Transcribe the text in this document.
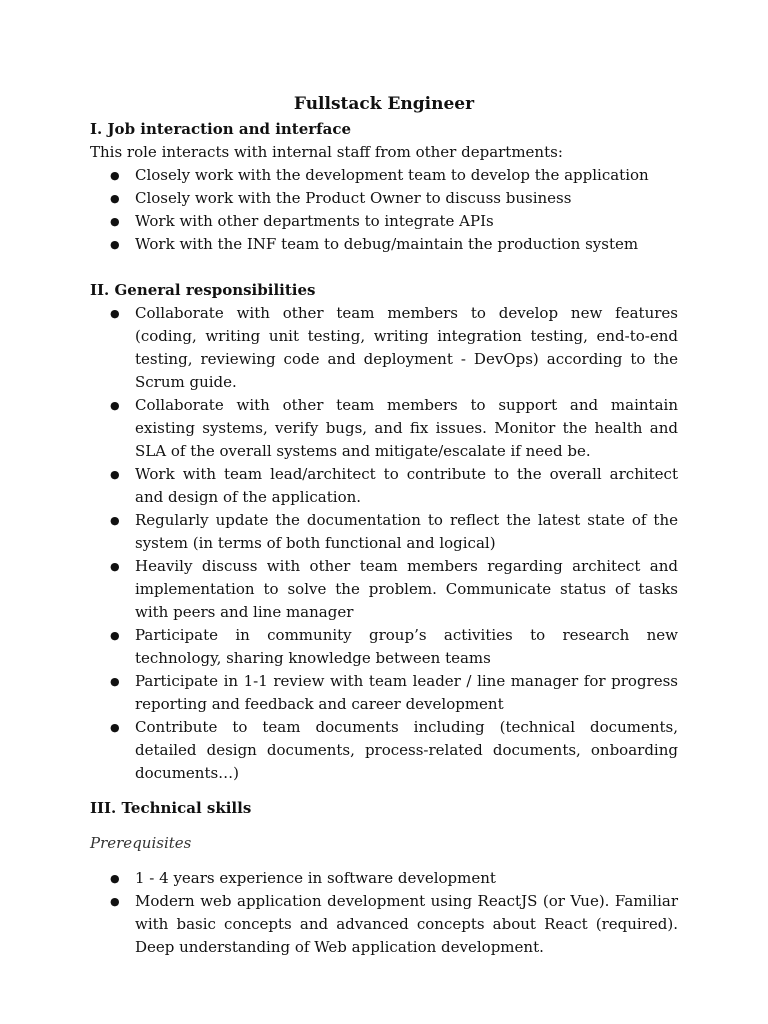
Fullstack Engineer
I. Job interaction and interface

This role interacts with internal staff from other departments:

● Closely work with the development team to develop the application
● Closely work with the Product Owner to discuss business
● Work with other departments to integrate APIs
● Work with the INF team to debug/maintain the production system
II. General responsibilities
● Collaborate with other team members to develop new features (coding, writing unit testing, writing integration testing, end-to-end testing, reviewing code and deployment - DevOps) according to the Scrum guide.
● Collaborate with other team members to support and maintain existing systems, verify bugs, and fix issues. Monitor the health and SLA of the overall systems and mitigate/escalate if need be.
● Work with team lead/architect to contribute to the overall architect and design of the application.
● Regularly update the documentation to reflect the latest state of the system (in terms of both functional and logical)
● Heavily discuss with other team members regarding architect and implementation to solve the problem. Communicate status of tasks with peers and line manager
● Participate in community group’s activities to research new technology, sharing knowledge between teams
● Participate in 1-1 review with team leader / line manager for progress reporting and feedback and career development
● Contribute to team documents including (technical documents, detailed design documents, process-related documents, onboarding documents…)
III. Technical skills

Prerequisites

● 1 - 4 years experience in software development
● Modern web application development using ReactJS (or Vue). Familiar with basic concepts and advanced concepts about React (required). Deep understanding of Web application development.
